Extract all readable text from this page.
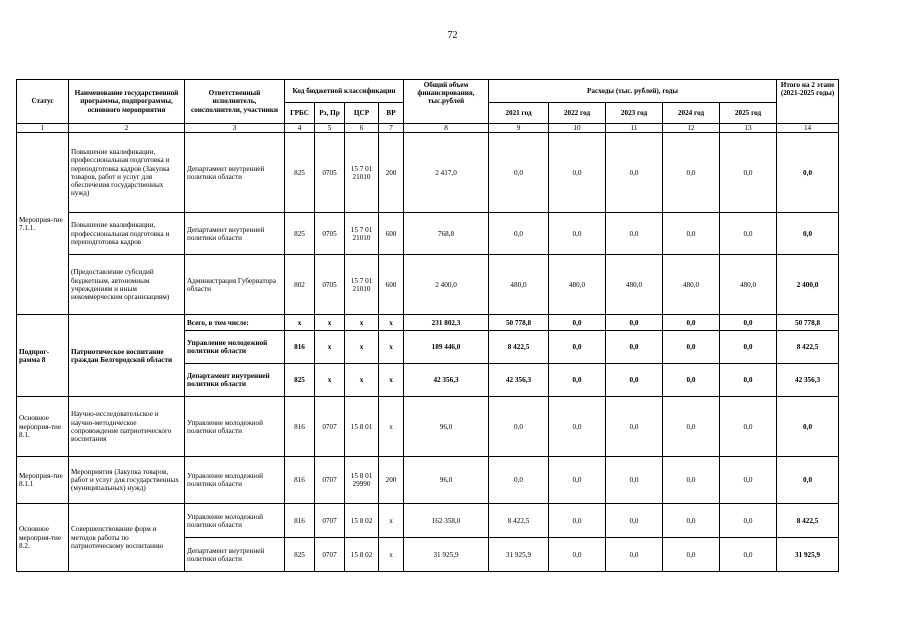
72
Статус	Наименование государственной программы, подпрограммы, основного мероприятия	Ответственный исполнитель, соисполнители, участники	Код бюджетной классификации				Общий объем финансирования, тыс.рублей	Расходы (тыс. рублей), годы					Итого на 2 этапе (2021-2025 годы)
			ГРБС	Рз, Пр	ЦСР	ВР		2021 год	2022 год	2023 год	2024 год	2025 год	
1	2	3	4	5	6	7	8	9	10	11	12	13	14
Мероприя-тие 7.1.1.	Повышение квалификации, профессиональная подготовка и переподготовка кадров (Закупка товаров, работ и услуг для обеспечения государственных нужд)	Департамент внутренней политики области	825	0705	15 7 01 21010	200	2 417,0	0,0	0,0	0,0	0,0	0,0	0,0
	Повышение квалификации, профессиональная подготовка и переподготовка кадров	Департамент внутренней политики области	825	0705	15 7 01 21010	600	768,8	0,0	0,0	0,0	0,0	0,0	0,0
	(Предоставление субсидий бюджетным, автономным учреждениям и иным некоммерческим организациям)	Администрация Губернатора области	802	0705	15 7 01 21010	600	2 400,0	480,0	480,0	480,0	480,0	480,0	2 400,0
Подпрог-рамма 8	Патриотическое воспитание граждан Белгородской области	Всего, в том числе:	х	х	х	х	231 802,3	50 778,8	0,0	0,0	0,0	0,0	50 778,8
		Управление молодежной политики области	816	х	х	х	189 446,0	8 422,5	0,0	0,0	0,0	0,0	8 422,5
		Департамент внутренней политики области	825	х	х	х	42 356,3	42 356,3	0,0	0,0	0,0	0,0	42 356,3
Основное мероприя-тие 8.1.	Научно-исследовательское и научно-методическое сопровождение патриотического воспитания	Управление молодежной политики области	816	0707	15 8 01	х	96,0	0,0	0,0	0,0	0,0	0,0	0,0
Мероприя-тие 8.1.1	Мероприятия (Закупка товаров, работ и услуг для государственных (муниципальных) нужд)	Управление молодежной политики области	816	0707	15 8 01 29990	200	96,0	0,0	0,0	0,0	0,0	0,0	0,0
Основное мероприя-тие 8.2.	Совершенствование форм и методов работы по патриотическому воспитанию	Управление молодежной политики области	816	0707	15 8 02	х	162 358,0	8 422,5	0,0	0,0	0,0	0,0	8 422,5
		Департамент внутренней политики области	825	0707	15 8 02	х	31 925,9	31 925,9	0,0	0,0	0,0	0,0	31 925,9
